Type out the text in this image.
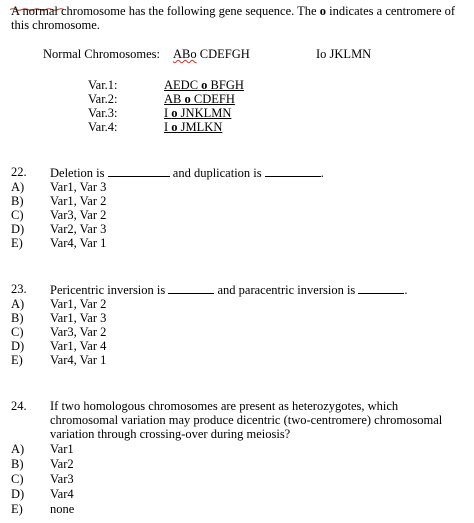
A normal chromosome has the following gene sequence. The o indicates a centromere of
this chromosome.
Normal Chromosomes: ABo CDEFGH	Io JKLMN
Var.1:	AEDC o BFGH
Var.2:	AB o CDEFH
Var.3:	I o JNKLMN
Var.4:	I o JMLKN
22. Deletion is	and duplication is	.
A) Var1, Var 3
B) Var1, Var 2
C) Var3, Var 2
D) Var2, Var 3
E) Var4, Var 1
23. Pericentric inversion is	and paracentric inversion is	.
A) Var1, Var 2
B) Var1, Var 3
C) Var3, Var 2
D) Var1, Var 4
E) Var4, Var 1
24. If two homologous chromosomes are present as heterozygotes, which
chromosomal variation may produce dicentric (two-centromere) chromosomal
variation through crossing-over during meiosis?
A) Var1
B) Var2
C) Var3
D) Var4
E) none
